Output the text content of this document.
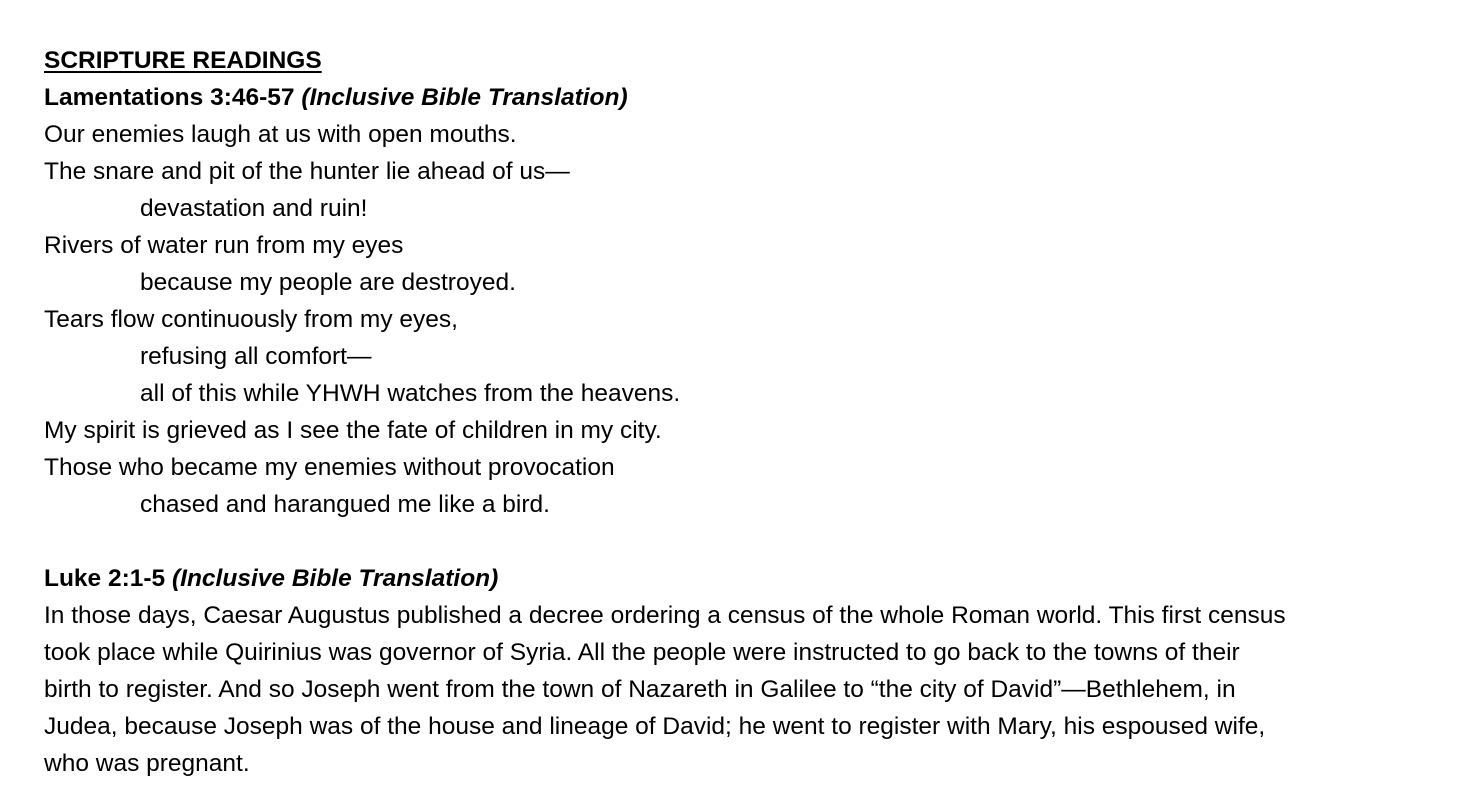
SCRIPTURE READINGS
Lamentations 3:46-57 (Inclusive Bible Translation)
Our enemies laugh at us with open mouths.
The snare and pit of the hunter lie ahead of us—
devastation and ruin!
Rivers of water run from my eyes
because my people are destroyed.
Tears flow continuously from my eyes,
refusing all comfort—
all of this while YHWH watches from the heavens.
My spirit is grieved as I see the fate of children in my city.
Those who became my enemies without provocation
chased and harangued me like a bird.
Luke 2:1-5 (Inclusive Bible Translation)
In those days, Caesar Augustus published a decree ordering a census of the whole Roman world. This first census
took place while Quirinius was governor of Syria. All the people were instructed to go back to the towns of their
birth to register. And so Joseph went from the town of Nazareth in Galilee to “the city of David”—Bethlehem, in
Judea, because Joseph was of the house and lineage of David; he went to register with Mary, his espoused wife,
who was pregnant.
